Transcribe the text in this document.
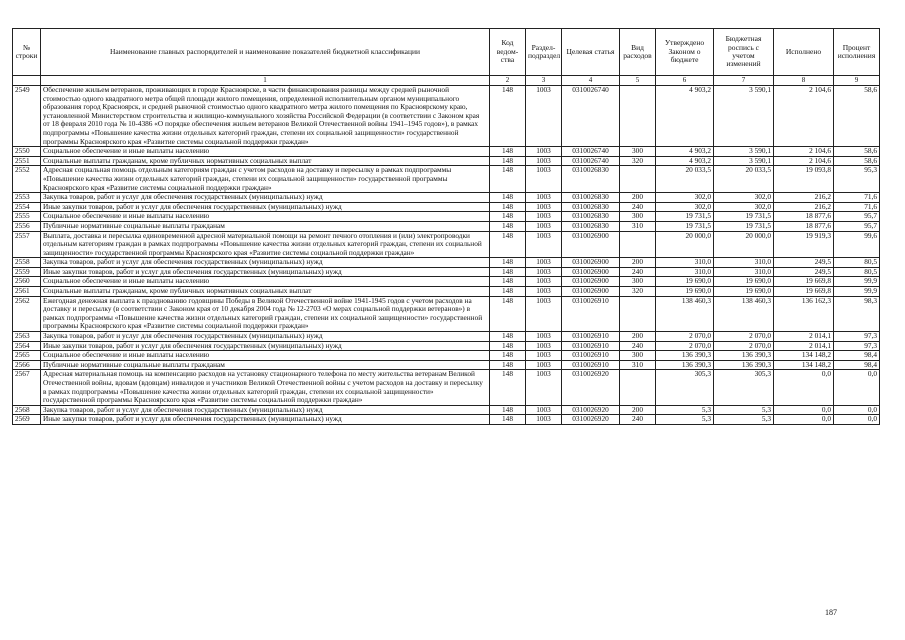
№ строки	Наименование главных распорядителей и наименование показателей бюджетной классификации	Код ведом-ства	Раздел-подраздел	Целевая статья	Вид расходов	Утверждено Законом о бюджете	Бюджетная роспись с учетом изменений	Исполнено	Процент исполнения
	1	2	3	4	5	6	7	8	9
2549	Обеспечение жильем ветеранов, проживающих в городе Красноярске, в части финансирования разницы между средней рыночной стоимостью одного квадратного метра общей площади жилого помещения, определенной исполнительным органом муниципального образования город Красноярск, и средней рыночной стоимостью одного квадратного метра жилого помещения по Красноярскому краю, установленной Министерством строительства и жилищно-коммунального хозяйства Российской Федерации (в соответствии с Законом края от 18 февраля 2010 года № 10-4386 «О порядке обеспечения жильем ветеранов Великой Отечественной войны 1941–1945 годов»), в рамках подпрограммы «Повышение качества жизни отдельных категорий граждан, степени их социальной защищенности» государственной программы Красноярского края «Развитие системы социальной поддержки граждан»	148	1003	0310026740		4 903,2	3 590,1	2 104,6	58,6
2550	Социальное обеспечение и иные выплаты населению	148	1003	0310026740	300	4 903,2	3 590,1	2 104,6	58,6
2551	Социальные выплаты гражданам, кроме публичных нормативных социальных выплат	148	1003	0310026740	320	4 903,2	3 590,1	2 104,6	58,6
2552	Адресная социальная помощь отдельным категориям граждан с учетом расходов на доставку и пересылку в рамках подпрограммы «Повышение качества жизни отдельных категорий граждан, степени их социальной защищенности» государственной программы Красноярского края «Развитие системы социальной поддержки граждан»	148	1003	0310026830		20 033,5	20 033,5	19 093,8	95,3
2553	Закупка товаров, работ и услуг для обеспечения государственных (муниципальных) нужд	148	1003	0310026830	200	302,0	302,0	216,2	71,6
2554	Иные закупки товаров, работ и услуг для обеспечения государственных (муниципальных) нужд	148	1003	0310026830	240	302,0	302,0	216,2	71,6
2555	Социальное обеспечение и иные выплаты населению	148	1003	0310026830	300	19 731,5	19 731,5	18 877,6	95,7
2556	Публичные нормативные социальные выплаты гражданам	148	1003	0310026830	310	19 731,5	19 731,5	18 877,6	95,7
2557	Выплата, доставка и пересылка единовременной адресной материальной помощи на ремонт печного отопления и (или) электропроводки отдельным категориям граждан в рамках подпрограммы «Повышение качества жизни отдельных категорий граждан, степени их социальной защищенности» государственной программы Красноярского края «Развитие системы социальной поддержки граждан»	148	1003	0310026900		20 000,0	20 000,0	19 919,3	99,6
2558	Закупка товаров, работ и услуг для обеспечения государственных (муниципальных) нужд	148	1003	0310026900	200	310,0	310,0	249,5	80,5
2559	Иные закупки товаров, работ и услуг для обеспечения государственных (муниципальных) нужд	148	1003	0310026900	240	310,0	310,0	249,5	80,5
2560	Социальное обеспечение и иные выплаты населению	148	1003	0310026900	300	19 690,0	19 690,0	19 669,8	99,9
2561	Социальные выплаты гражданам, кроме публичных нормативных социальных выплат	148	1003	0310026900	320	19 690,0	19 690,0	19 669,8	99,9
2562	Ежегодная денежная выплата к празднованию годовщины Победы в Великой Отечественной войне 1941-1945 годов с учетом расходов на доставку и пересылку (в соответствии с Законом края от 10 декабря 2004 года № 12-2703 «О мерах социальной поддержки ветеранов») в рамках подпрограммы «Повышение качества жизни отдельных категорий граждан, степени их социальной защищенности» государственной программы Красноярского края «Развитие системы социальной поддержки граждан»	148	1003	0310026910		138 460,3	138 460,3	136 162,3	98,3
2563	Закупка товаров, работ и услуг для обеспечения государственных (муниципальных) нужд	148	1003	0310026910	200	2 070,0	2 070,0	2 014,1	97,3
2564	Иные закупки товаров, работ и услуг для обеспечения государственных (муниципальных) нужд	148	1003	0310026910	240	2 070,0	2 070,0	2 014,1	97,3
2565	Социальное обеспечение и иные выплаты населению	148	1003	0310026910	300	136 390,3	136 390,3	134 148,2	98,4
2566	Публичные нормативные социальные выплаты гражданам	148	1003	0310026910	310	136 390,3	136 390,3	134 148,2	98,4
2567	Адресная материальная помощь на компенсацию расходов на установку стационарного телефона по месту жительства ветеранам Великой Отечественной войны, вдовам (вдовцам) инвалидов и участников Великой Отечественной войны с учетом расходов на доставку и пересылку в рамках подпрограммы «Повышение качества жизни отдельных категорий граждан, степени их социальной защищенности» государственной программы Красноярского края «Развитие системы социальной поддержки граждан»	148	1003	0310026920		305,3	305,3	0,0	0,0
2568	Закупка товаров, работ и услуг для обеспечения государственных (муниципальных) нужд	148	1003	0310026920	200	5,3	5,3	0,0	0,0
2569	Иные закупки товаров, работ и услуг для обеспечения государственных (муниципальных) нужд	148	1003	0310026920	240	5,3	5,3	0,0	0,0
187
